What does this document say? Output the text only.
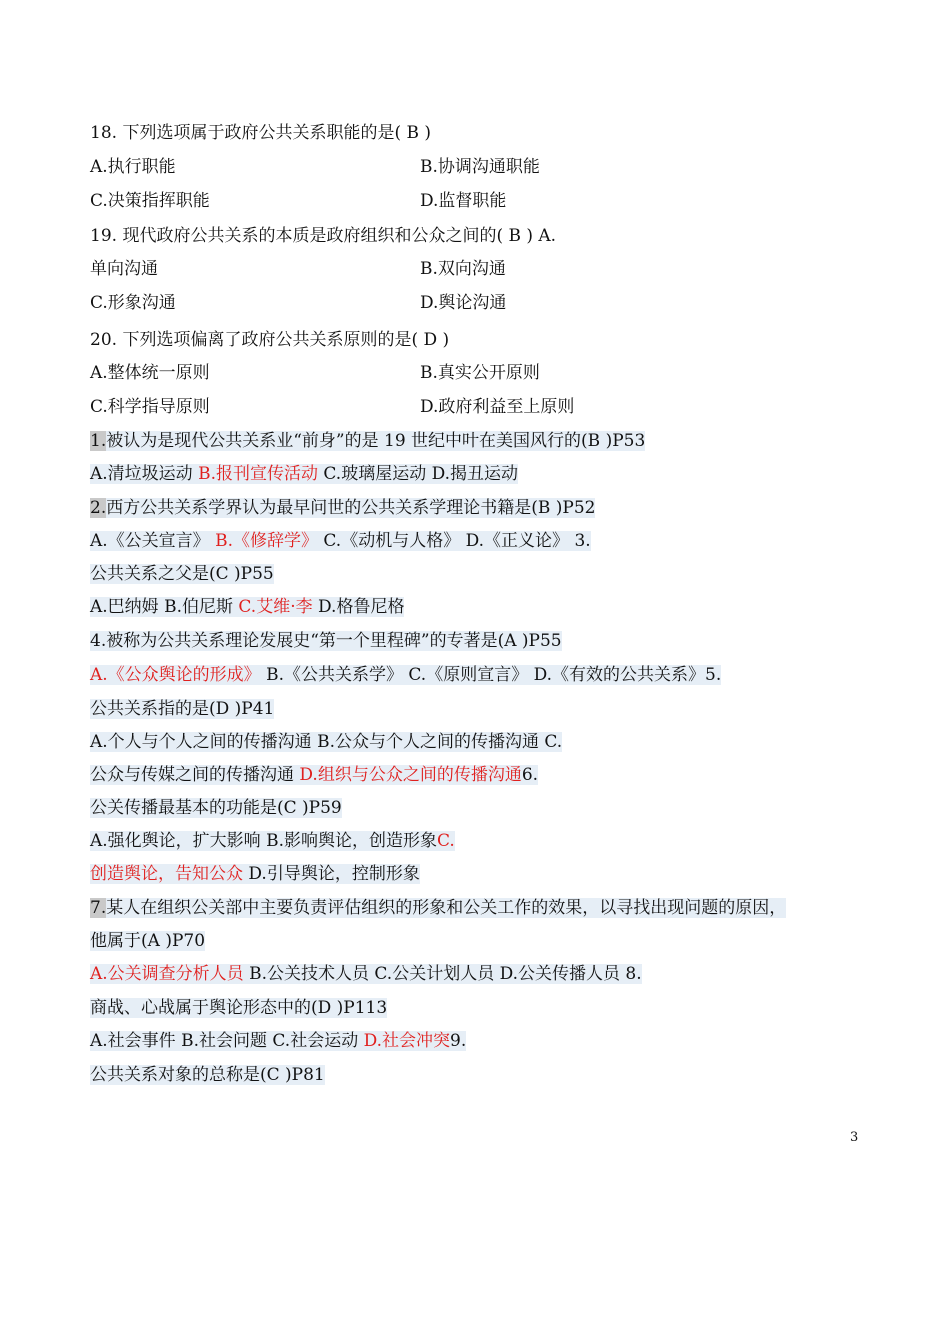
18. 下列选项属于政府公共关系职能的是( B )
A.执行职能	B.协调沟通职能
C.决策指挥职能	D.监督职能
19. 现代政府公共关系的本质是政府组织和公众之间的( B ) A.
单向沟通	B.双向沟通
C.形象沟通	D.舆论沟通
20. 下列选项偏离了政府公共关系原则的是( D )
A.整体统一原则	B.真实公开原则
C.科学指导原则	D.政府利益至上原则
1.被认为是现代公共关系业“前身”的是 19 世纪中叶在美国风行的(B )P53
A.清垃圾运动 B.报刊宣传活动 C.玻璃屋运动 D.揭丑运动
2.西方公共关系学界认为最早问世的公共关系学理论书籍是(B )P52
A.《公关宣言》 B.《修辞学》 C.《动机与人格》 D.《正义论》 3.
公共关系之父是(C )P55
A.巴纳姆 B.伯尼斯 C.艾维·李 D.格鲁尼格
4.被称为公共关系理论发展史“第一个里程碑”的专著是(A )P55
A.《公众舆论的形成》 B.《公共关系学》 C.《原则宣言》 D.《有效的公共关系》5.
公共关系指的是(D )P41
A.个人与个人之间的传播沟通 B.公众与个人之间的传播沟通 C.
公众与传媒之间的传播沟通 D.组织与公众之间的传播沟通6.
公关传播最基本的功能是(C )P59
A.强化舆论，扩大影响 B.影响舆论，创造形象C.
创造舆论，告知公众 D.引导舆论，控制形象
7.某人在组织公关部中主要负责评估组织的形象和公关工作的效果，以寻找出现问题的原因，
他属于(A )P70
A.公关调查分析人员 B.公关技术人员 C.公关计划人员 D.公关传播人员 8.
商战、心战属于舆论形态中的(D )P113
A.社会事件 B.社会问题 C.社会运动 D.社会冲突9.
公共关系对象的总称是(C )P81
3
